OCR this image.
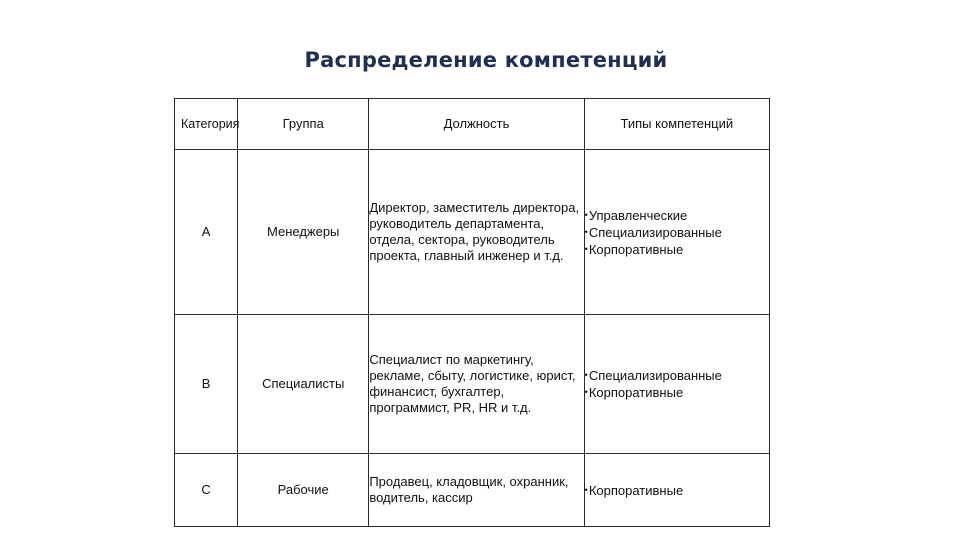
Распределение компетенций
Категория	Группа	Должность	Типы компетенций
A	Менеджеры	Директор, заместитель директора, руководитель департамента, отдела, сектора, руководитель проекта, главный инженер и т.д.	•Управленческие
•Специализированные
•Корпоративные

B	Специалисты	Специалист по маркетингу, рекламе, сбыту, логистике, юрист, финансист, бухгалтер, программист, PR, HR и т.д.	•Специализированные
•Корпоративные

C	Рабочие	Продавец, кладовщик, охранник, водитель, кассир	•Корпоративные
